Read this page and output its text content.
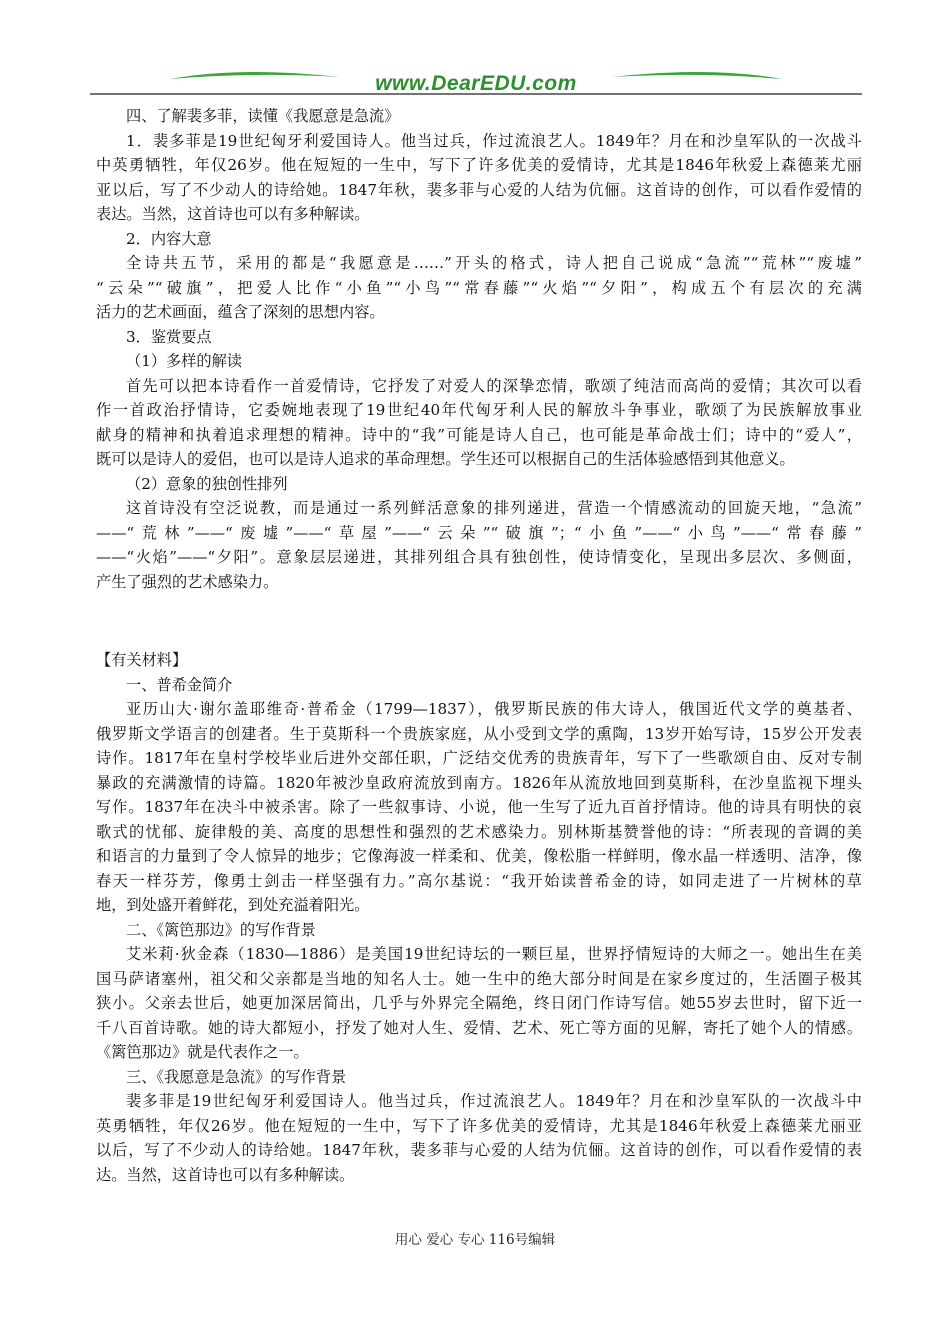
www.DearEDU.com

四、了解裴多菲，读懂《我愿意是急流》

1．裴多菲是19世纪匈牙利爱国诗人。他当过兵，作过流浪艺人。1849年？月在和沙皇军队的一次战斗

中英勇牺牲，年仅26岁。他在短短的一生中，写下了许多优美的爱情诗，尤其是1846年秋爱上森德莱尤丽

亚以后，写了不少动人的诗给她。1847年秋，裴多菲与心爱的人结为伉俪。这首诗的创作，可以看作爱情的

表达。当然，这首诗也可以有多种解读。

2．内容大意

全诗共五节，采用的都是“我愿意是……”开头的格式，诗人把自己说成“急流”“荒林”“废墟”

“云朵”“破旗”，把爱人比作“小鱼”“小鸟”“常春藤”“火焰”“夕阳”，构成五个有层次的充满

活力的艺术画面，蕴含了深刻的思想内容。

3．鉴赏要点

（1）多样的解读

首先可以把本诗看作一首爱情诗，它抒发了对爱人的深挚恋情，歌颂了纯洁而高尚的爱情；其次可以看

作一首政治抒情诗，它委婉地表现了19世纪40年代匈牙利人民的解放斗争事业，歌颂了为民族解放事业

献身的精神和执着追求理想的精神。诗中的“我”可能是诗人自己，也可能是革命战士们；诗中的“爱人”，

既可以是诗人的爱侣，也可以是诗人追求的革命理想。学生还可以根据自己的生活体验感悟到其他意义。

（2）意象的独创性排列

这首诗没有空泛说教，而是通过一系列鲜活意象的排列递进，营造一个情感流动的回旋天地，“急流”

——“荒林”——“废墟”——“草屋”——“云朵”“破旗”；“小鱼”——“小鸟”——“常春藤”

——“火焰”——“夕阳”。意象层层递进，其排列组合具有独创性，使诗情变化，呈现出多层次、多侧面，

产生了强烈的艺术感染力。

【有关材料】

一、普希金简介

亚历山大·谢尔盖耶维奇·普希金（1799—1837），俄罗斯民族的伟大诗人，俄国近代文学的奠基者、

俄罗斯文学语言的创建者。生于莫斯科一个贵族家庭，从小受到文学的熏陶，13岁开始写诗，15岁公开发表

诗作。1817年在皇村学校毕业后进外交部任职，广泛结交优秀的贵族青年，写下了一些歌颂自由、反对专制

暴政的充满激情的诗篇。1820年被沙皇政府流放到南方。1826年从流放地回到莫斯科，在沙皇监视下埋头

写作。1837年在决斗中被杀害。除了一些叙事诗、小说，他一生写了近九百首抒情诗。他的诗具有明快的哀

歌式的忧郁、旋律般的美、高度的思想性和强烈的艺术感染力。别林斯基赞誉他的诗：“所表现的音调的美

和语言的力量到了令人惊异的地步；它像海波一样柔和、优美，像松脂一样鲜明，像水晶一样透明、洁净，像

春天一样芬芳，像勇士剑击一样坚强有力。”高尔基说：“我开始读普希金的诗，如同走进了一片树林的草

地，到处盛开着鲜花，到处充溢着阳光。

二、《篱笆那边》的写作背景

艾米莉·狄金森（1830—1886）是美国19世纪诗坛的一颗巨星，世界抒情短诗的大师之一。她出生在美

国马萨诸塞州，祖父和父亲都是当地的知名人士。她一生中的绝大部分时间是在家乡度过的，生活圈子极其

狭小。父亲去世后，她更加深居简出，几乎与外界完全隔绝，终日闭门作诗写信。她55岁去世时，留下近一

千八百首诗歌。她的诗大都短小，抒发了她对人生、爱情、艺术、死亡等方面的见解，寄托了她个人的情感。

《篱笆那边》就是代表作之一。

三、《我愿意是急流》的写作背景

裴多菲是19世纪匈牙利爱国诗人。他当过兵，作过流浪艺人。1849年？月在和沙皇军队的一次战斗中

英勇牺牲，年仅26岁。他在短短的一生中，写下了许多优美的爱情诗，尤其是1846年秋爱上森德莱尤丽亚

以后，写了不少动人的诗给她。1847年秋，裴多菲与心爱的人结为伉俪。这首诗的创作，可以看作爱情的表

达。当然，这首诗也可以有多种解读。

用心 爱心 专心 116号编辑
